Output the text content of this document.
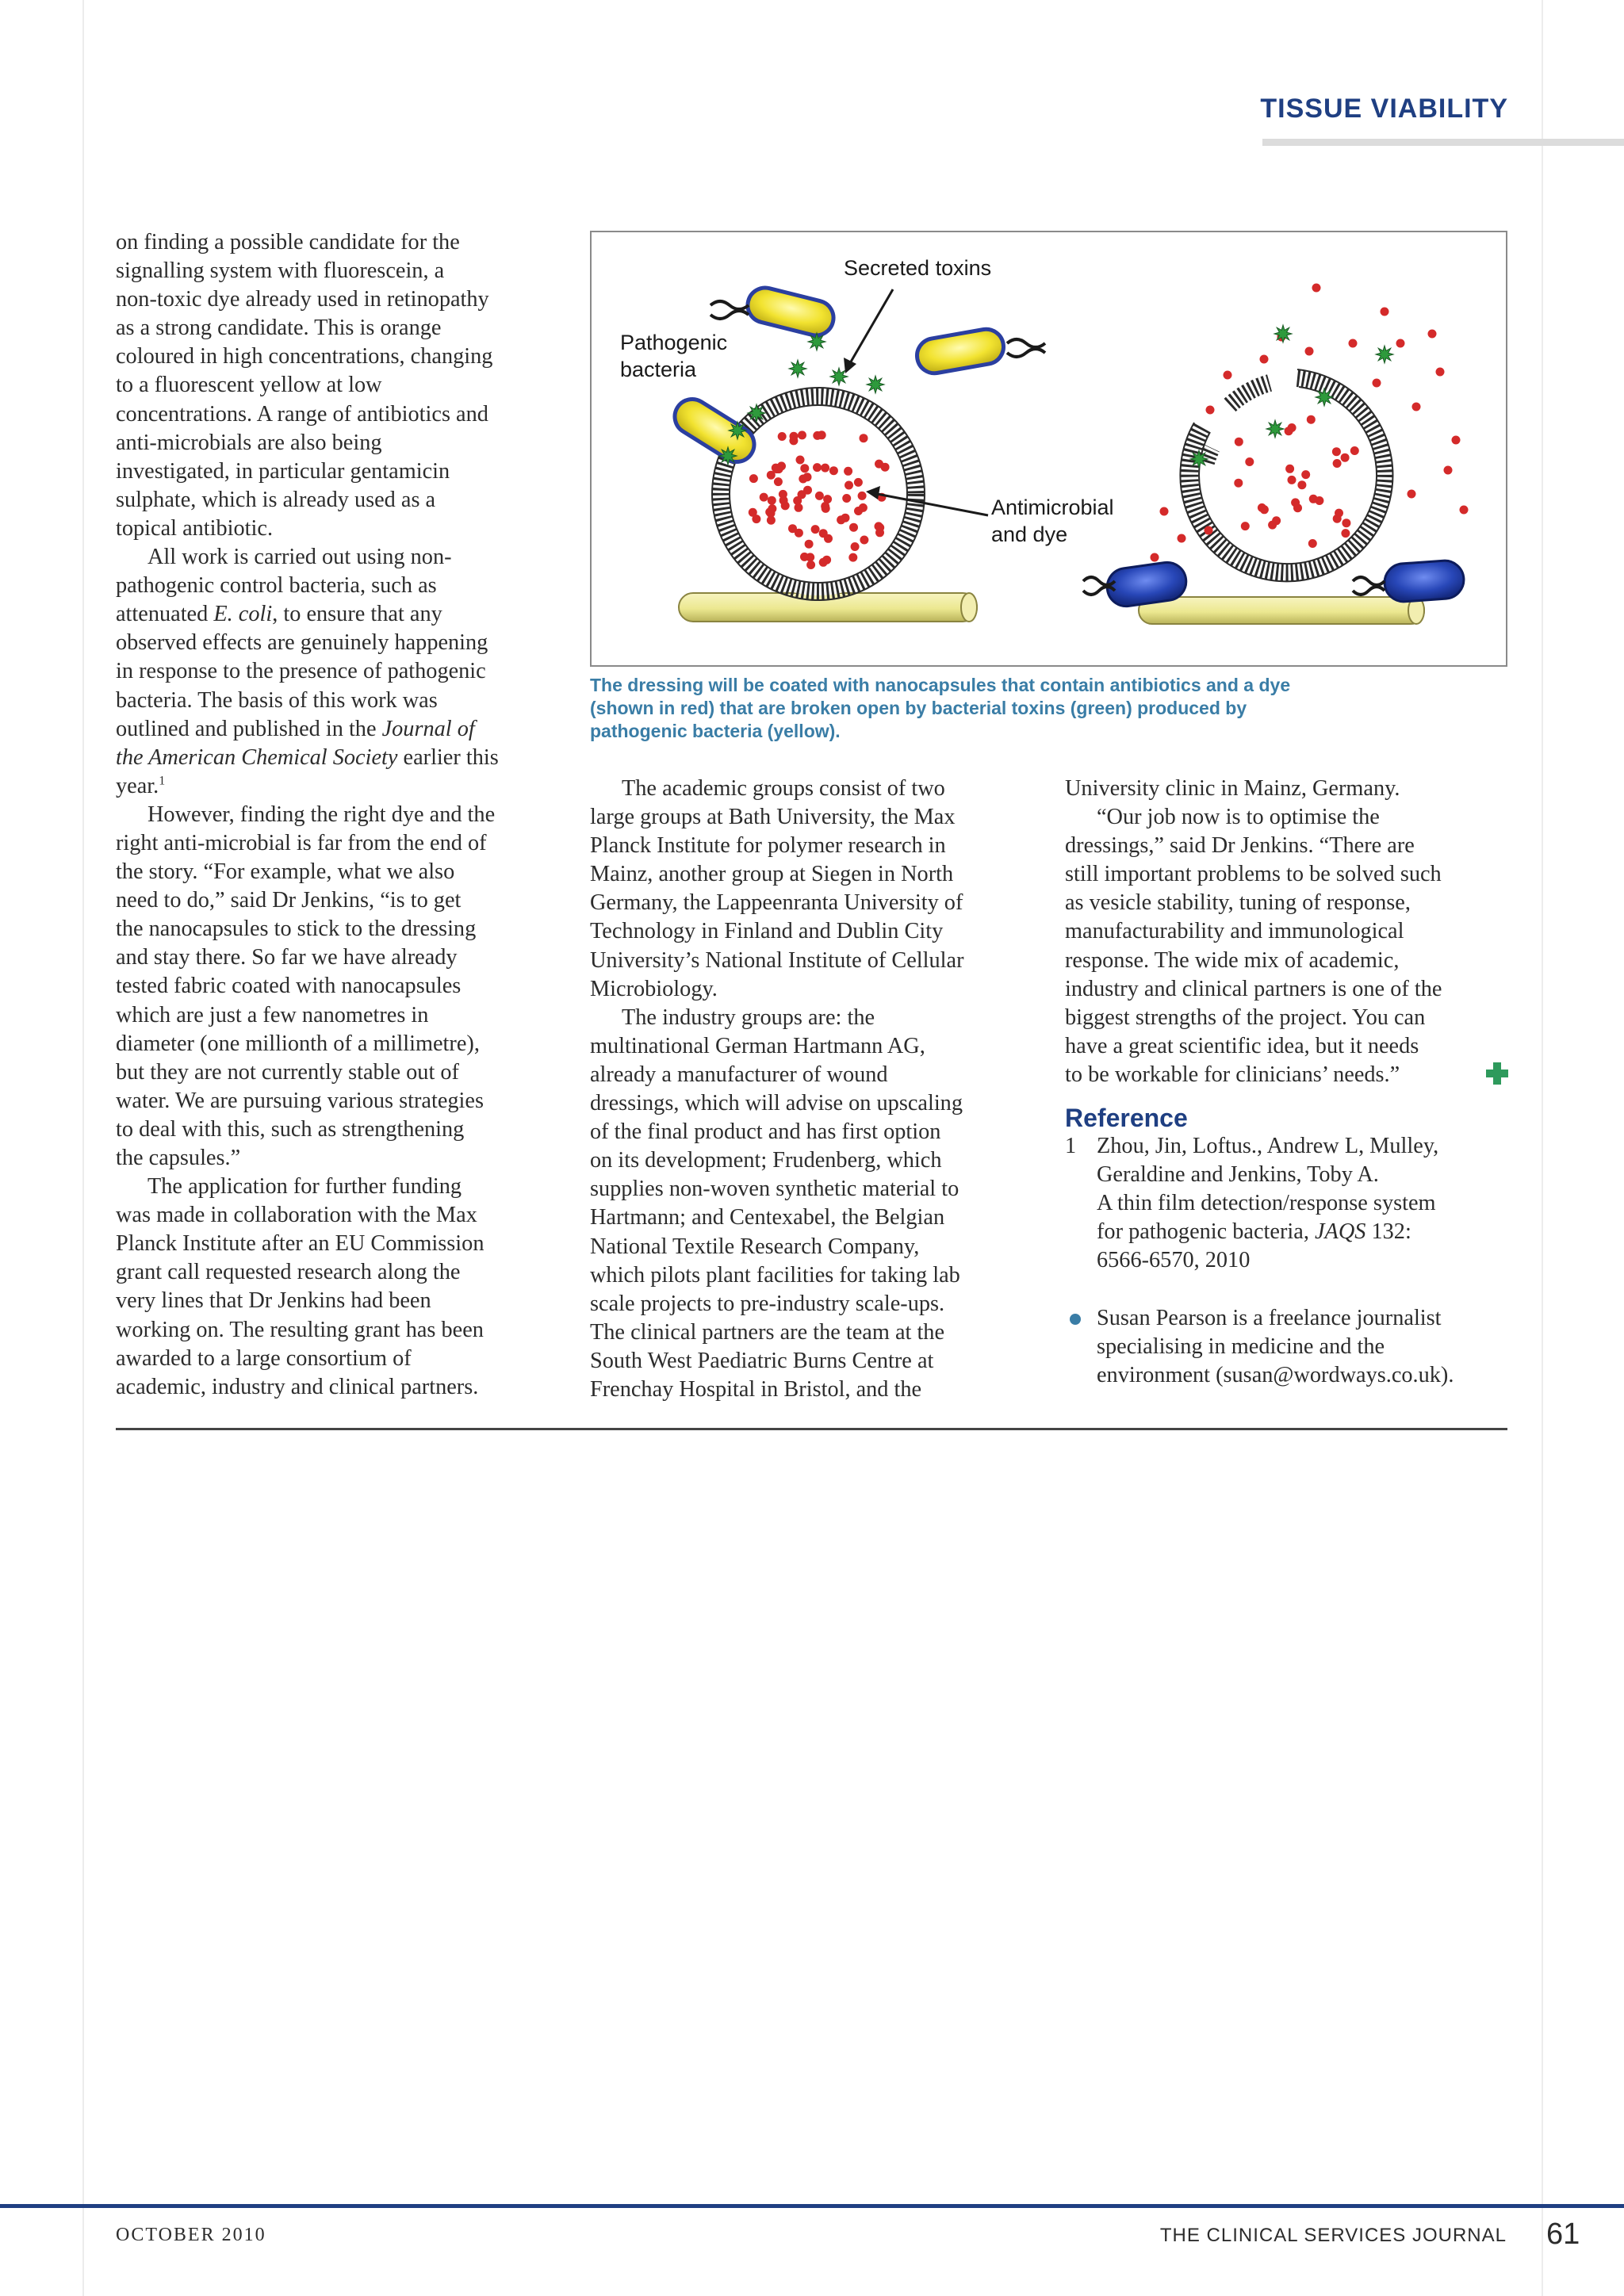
TISSUE VIABILITY

on finding a possible candidate for the
signalling system with fluorescein, a
non-toxic dye already used in retinopathy
as a strong candidate. This is orange
coloured in high concentrations, changing
to a fluorescent yellow at low
concentrations. A range of antibiotics and
anti-microbials are also being
investigated, in particular gentamicin
sulphate, which is already used as a
topical antibiotic.

All work is carried out using non-
pathogenic control bacteria, such as
attenuated E. coli, to ensure that any
observed effects are genuinely happening
in response to the presence of pathogenic
bacteria. The basis of this work was
outlined and published in the Journal of
the American Chemical Society earlier this
year.$^1$

However, finding the right dye and the
right anti-microbial is far from the end of
the story. “For example, what we also
need to do,” said Dr Jenkins, “is to get
the nanocapsules to stick to the dressing
and stay there. So far we have already
tested fabric coated with nanocapsules
which are just a few nanometres in
diameter (one millionth of a millimetre),
but they are not currently stable out of
water. We are pursuing various strategies
to deal with this, such as strengthening
the capsules.”

The application for further funding
was made in collaboration with the Max
Planck Institute after an EU Commission
grant call requested research along the
very lines that Dr Jenkins had been
working on. The resulting grant has been
awarded to a large consortium of
academic, industry and clinical partners.

Secreted toxins
Pathogenic
bacteria
Antimicrobial
and dye
The dressing will be coated with nanocapsules that contain antibiotics and a dye
(shown in red) that are broken open by bacterial toxins (green) produced by
pathogenic bacteria (yellow).

The academic groups consist of two
large groups at Bath University, the Max
Planck Institute for polymer research in
Mainz, another group at Siegen in North
Germany, the Lappeenranta University of
Technology in Finland and Dublin City
University’s National Institute of Cellular
Microbiology.

The industry groups are: the
multinational German Hartmann AG,
already a manufacturer of wound
dressings, which will advise on upscaling
of the final product and has first option
on its development; Frudenberg, which
supplies non-woven synthetic material to
Hartmann; and Centexabel, the Belgian
National Textile Research Company,
which pilots plant facilities for taking lab
scale projects to pre-industry scale-ups.
The clinical partners are the team at the
South West Paediatric Burns Centre at
Frenchay Hospital in Bristol, and the

University clinic in Mainz, Germany.

“Our job now is to optimise the
dressings,” said Dr Jenkins. “There are
still important problems to be solved such
as vesicle stability, tuning of response,
manufacturability and immunological
response. The wide mix of academic,
industry and clinical partners is one of the
biggest strengths of the project. You can
have a great scientific idea, but it needs
to be workable for clinicians’ needs.”

Reference

1 Zhou, Jin, Loftus., Andrew L, Mulley,
Geraldine and Jenkins, Toby A.
A thin film detection/response system
for pathogenic bacteria, JAQS 132:
6566-6570, 2010

Susan Pearson is a freelance journalist
specialising in medicine and the
environment (susan@wordways.co.uk).

OCTOBER 2010	THE CLINICAL SERVICES JOURNAL 61
